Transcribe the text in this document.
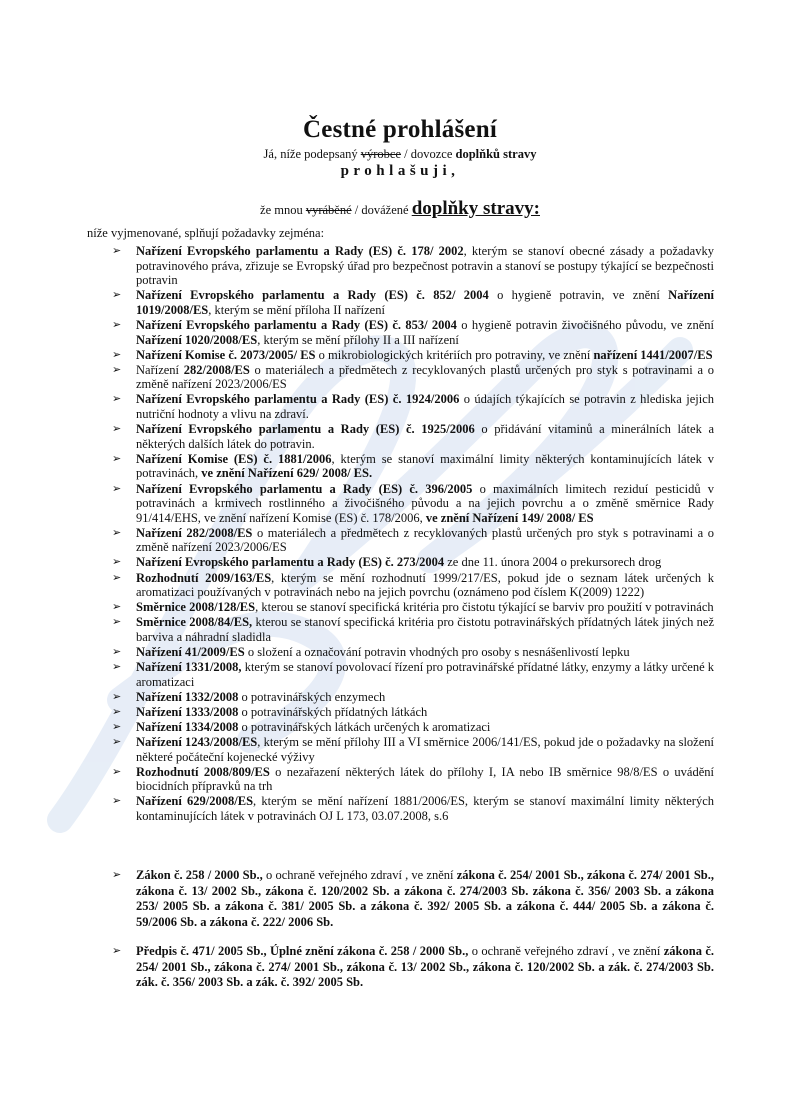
Čestné prohlášení
Já, níže podepsaný výrobce / dovozce doplňků stravy
prohlašuji,
že mnou vyráběné / dovážené doplňky stravy:
níže vyjmenované, splňují požadavky zejména:
➢ Nařízení Evropského parlamentu a Rady (ES) č. 178/ 2002, kterým se stanoví obecné zásady a požadavky potravinového práva, zřizuje se Evropský úřad pro bezpečnost potravin a stanoví se postupy týkající se bezpečnosti potravin
➢ Nařízení Evropského parlamentu a Rady (ES) č. 852/ 2004 o hygieně potravin, ve znění Nařízení 1019/2008/ES, kterým se mění příloha II nařízení
➢ Nařízení Evropského parlamentu a Rady (ES) č. 853/ 2004 o hygieně potravin živočišného původu, ve znění Nařízení 1020/2008/ES, kterým se mění přílohy II a III nařízení
➢ Nařízení Komise č. 2073/2005/ ES o mikrobiologických kritériích pro potraviny, ve znění nařízení 1441/2007/ES
➢ Nařízení 282/2008/ES o materiálech a předmětech z recyklovaných plastů určených pro styk s potravinami a o změně nařízení 2023/2006/ES
➢ Nařízení Evropského parlamentu a Rady (ES) č. 1924/2006 o údajích týkajících se potravin z hlediska jejich nutriční hodnoty a vlivu na zdraví.
➢ Nařízení Evropského parlamentu a Rady (ES) č. 1925/2006 o přidávání vitaminů a minerálních látek a některých dalších látek do potravin.
➢ Nařízení Komise (ES) č. 1881/2006, kterým se stanoví maximální limity některých kontaminujících látek v potravinách, ve znění Nařízení 629/ 2008/ ES.
➢ Nařízení Evropského parlamentu a Rady (ES) č. 396/2005 o maximálních limitech reziduí pesticidů v potravinách a krmivech rostlinného a živočišného původu a na jejich povrchu a o změně směrnice Rady 91/414/EHS, ve znění nařízení Komise (ES) č. 178/2006, ve znění Nařízení 149/ 2008/ ES
➢ Nařízení 282/2008/ES o materiálech a předmětech z recyklovaných plastů určených pro styk s potravinami a o změně nařízení 2023/2006/ES
➢ Nařízení Evropského parlamentu a Rady (ES) č. 273/2004 ze dne 11. února 2004 o prekursorech drog
➢ Rozhodnutí 2009/163/ES, kterým se mění rozhodnutí 1999/217/ES, pokud jde o seznam látek určených k aromatizaci používaných v potravinách nebo na jejich povrchu (oznámeno pod číslem K(2009) 1222)
➢ Směrnice 2008/128/ES, kterou se stanoví specifická kritéria pro čistotu týkající se barviv pro použití v potravinách
➢ Směrnice 2008/84/ES, kterou se stanoví specifická kritéria pro čistotu potravinářských přídatných látek jiných než barviva a náhradní sladidla
➢ Nařízení 41/2009/ES o složení a označování potravin vhodných pro osoby s nesnášenlivostí lepku
➢ Nařízení 1331/2008, kterým se stanoví povolovací řízení pro potravinářské přídatné látky, enzymy a látky určené k aromatizaci
➢ Nařízení 1332/2008 o potravinářských enzymech
➢ Nařízení 1333/2008 o potravinářských přídatných látkách
➢ Nařízení 1334/2008 o potravinářských látkách určených k aromatizaci
➢ Nařízení 1243/2008/ES, kterým se mění přílohy III a VI směrnice 2006/141/ES, pokud jde o požadavky na složení některé počáteční kojenecké výživy
➢ Rozhodnutí 2008/809/ES o nezařazení některých látek do přílohy I, IA nebo IB směrnice 98/8/ES o uvádění biocidních přípravků na trh
➢ Nařízení 629/2008/ES, kterým se mění nařízení 1881/2006/ES, kterým se stanoví maximální limity některých kontaminujících látek v potravinách OJ L 173, 03.07.2008, s.6
➢ Zákon č. 258 / 2000 Sb., o ochraně veřejného zdraví , ve znění zákona č. 254/ 2001 Sb., zákona č. 274/ 2001 Sb., zákona č. 13/ 2002 Sb., zákona č. 120/2002 Sb. a zákona č. 274/2003 Sb. zákona č. 356/ 2003 Sb. a zákona 253/ 2005 Sb. a zákona č. 381/ 2005 Sb. a zákona č. 392/ 2005 Sb. a zákona č. 444/ 2005 Sb. a zákona č. 59/2006 Sb. a zákona č. 222/ 2006 Sb.
➢ Předpis č. 471/ 2005 Sb., Úplné znění zákona č. 258 / 2000 Sb., o ochraně veřejného zdraví , ve znění zákona č. 254/ 2001 Sb., zákona č. 274/ 2001 Sb., zákona č. 13/ 2002 Sb., zákona č. 120/2002 Sb. a zák. č. 274/2003 Sb. zák. č. 356/ 2003 Sb. a zák. č. 392/ 2005 Sb.
